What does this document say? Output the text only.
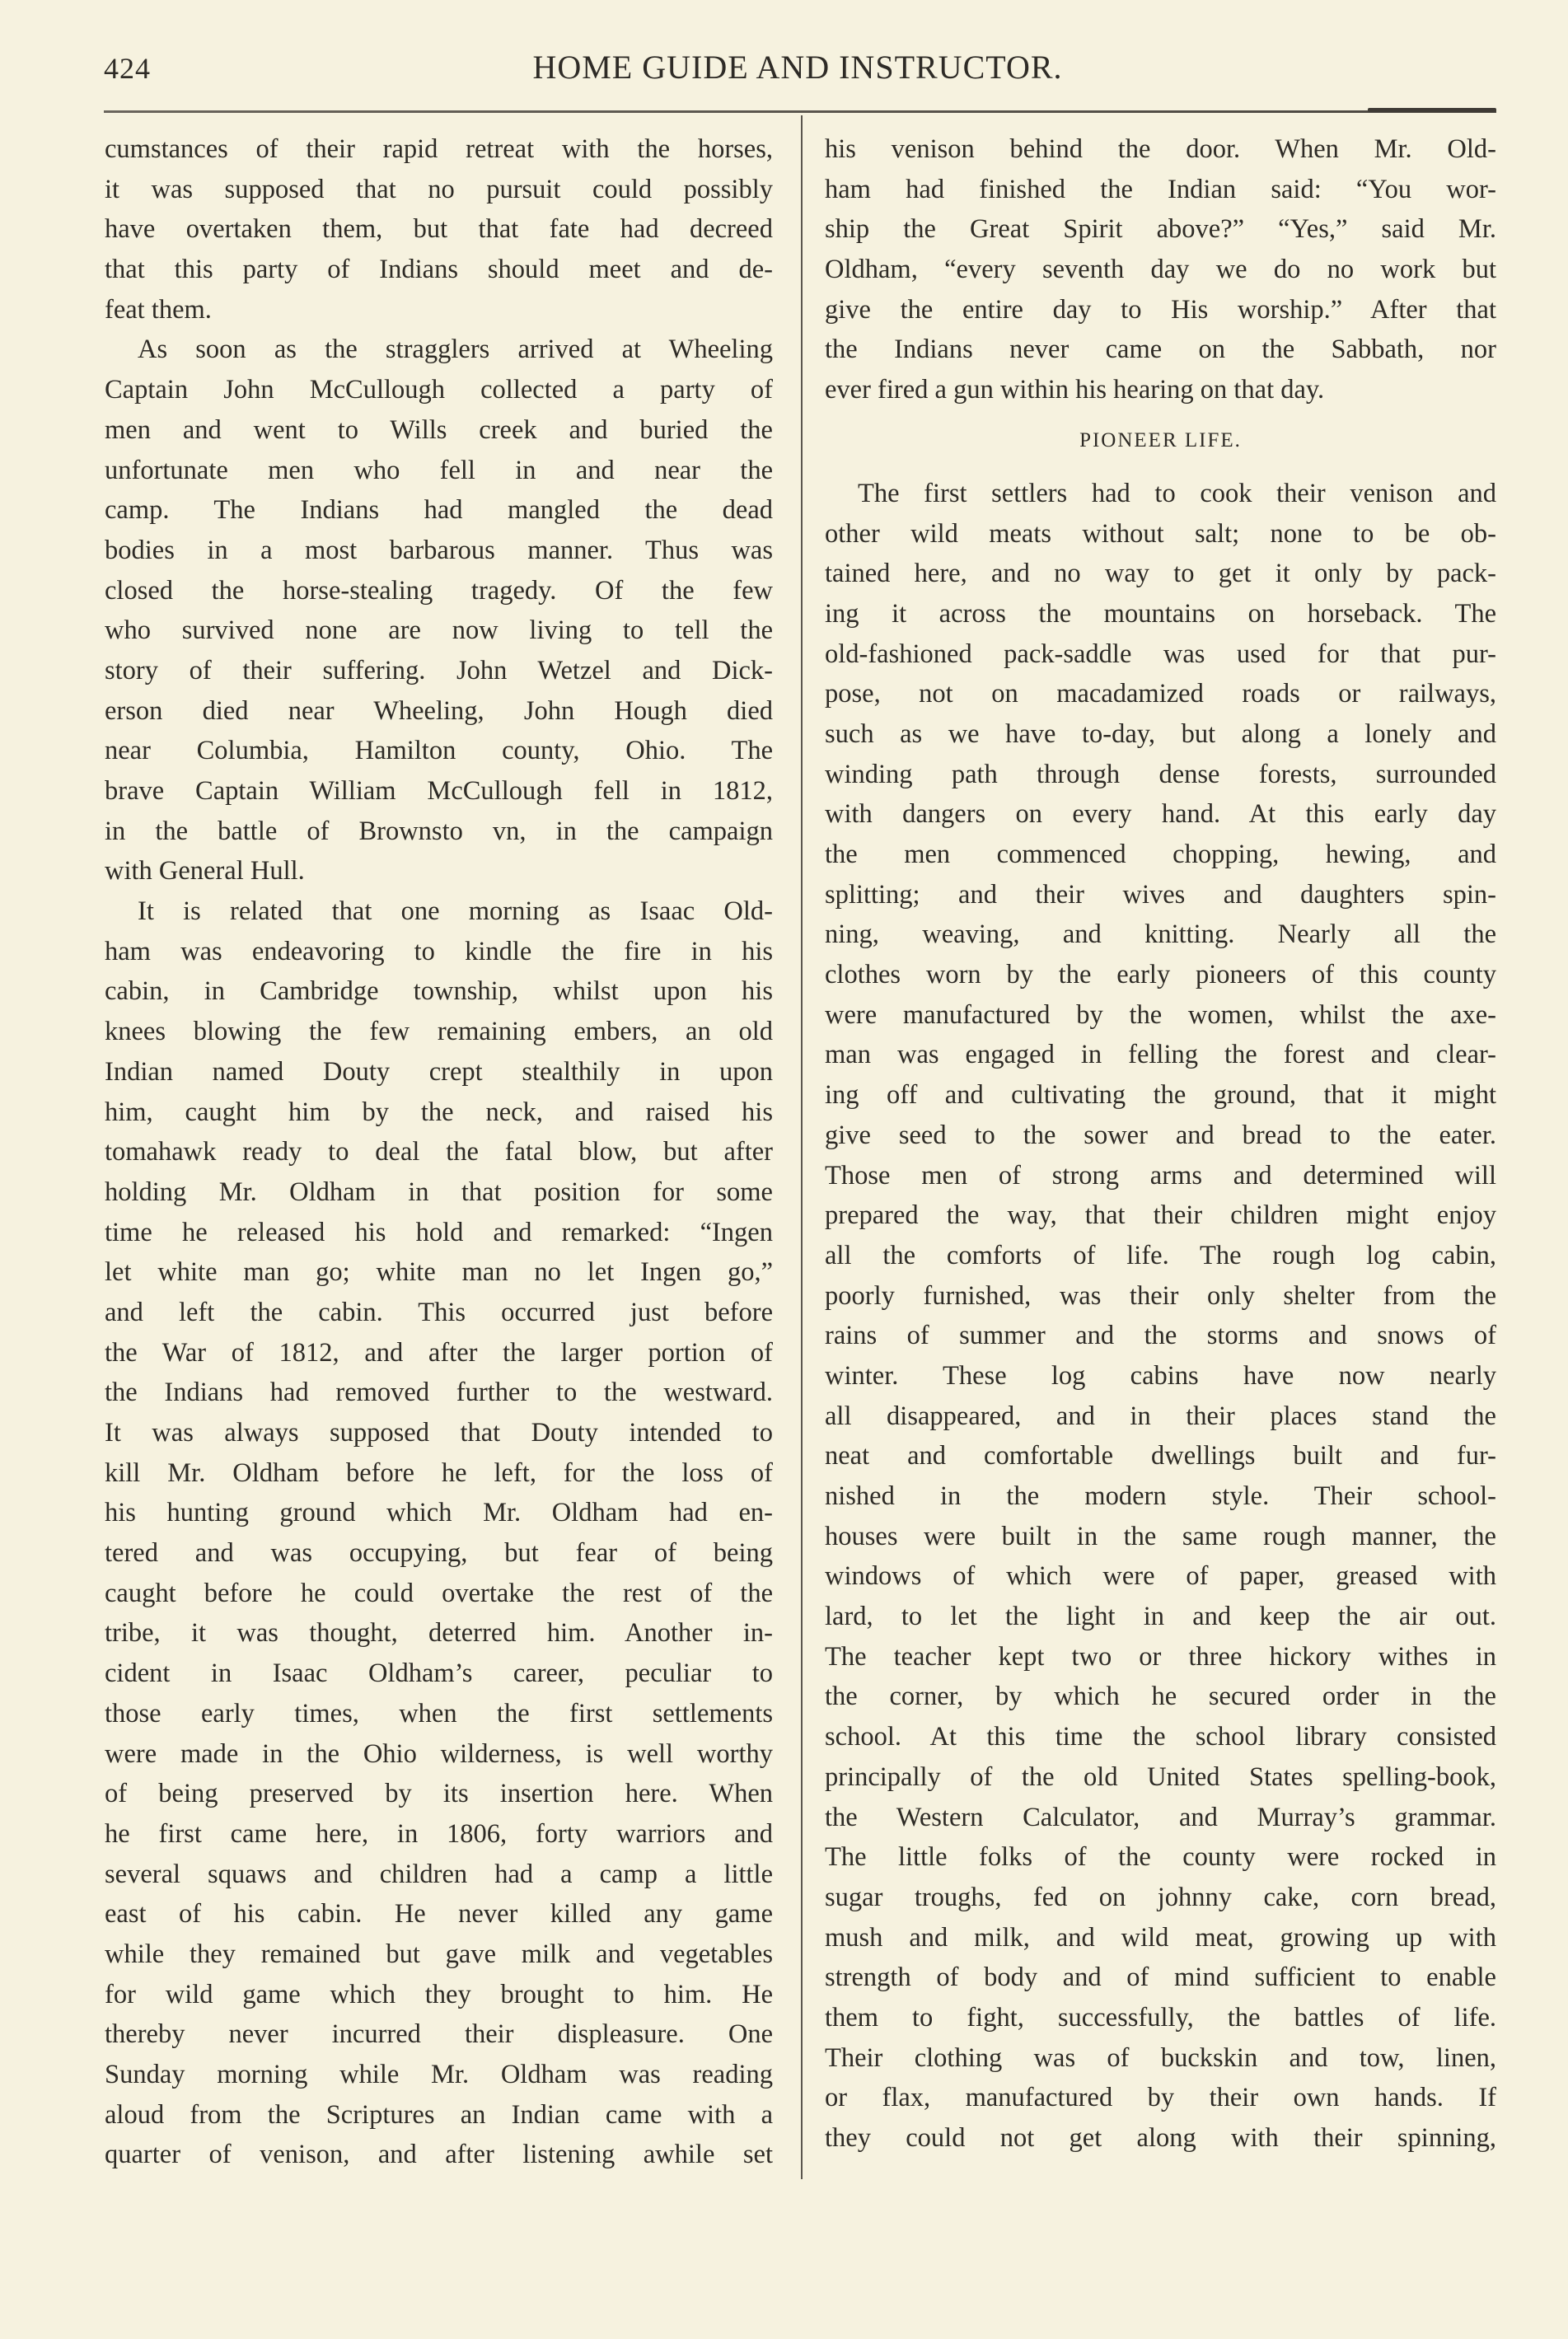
424	HOME GUIDE AND INSTRUCTOR.
cumstances of their rapid retreat with the horses,
it was supposed that no pursuit could possibly
have overtaken them, but that fate had decreed
that this party of Indians should meet and de-
feat them.
As soon as the stragglers arrived at Wheeling
Captain John McCullough collected a party of
men and went to Wills creek and buried the
unfortunate men who fell in and near the
camp. The Indians had mangled the dead
bodies in a most barbarous manner. Thus was
closed the horse-stealing tragedy. Of the few
who survived none are now living to tell the
story of their suffering. John Wetzel and Dick-
erson died near Wheeling, John Hough died
near Columbia, Hamilton county, Ohio. The
brave Captain William McCullough fell in 1812,
in the battle of Brownsto vn, in the campaign
with General Hull.
It is related that one morning as Isaac Old-
ham was endeavoring to kindle the fire in his
cabin, in Cambridge township, whilst upon his
knees blowing the few remaining embers, an old
Indian named Douty crept stealthily in upon
him, caught him by the neck, and raised his
tomahawk ready to deal the fatal blow, but after
holding Mr. Oldham in that position for some
time he released his hold and remarked: “Ingen
let white man go; white man no let Ingen go,”
and left the cabin. This occurred just before
the War of 1812, and after the larger portion of
the Indians had removed further to the westward.
It was always supposed that Douty intended to
kill Mr. Oldham before he left, for the loss of
his hunting ground which Mr. Oldham had en-
tered and was occupying, but fear of being
caught before he could overtake the rest of the
tribe, it was thought, deterred him. Another in-
cident in Isaac Oldham’s career, peculiar to
those early times, when the first settlements
were made in the Ohio wilderness, is well worthy
of being preserved by its insertion here. When
he first came here, in 1806, forty warriors and
several squaws and children had a camp a little
east of his cabin. He never killed any game
while they remained but gave milk and vegetables
for wild game which they brought to him. He
thereby never incurred their displeasure. One
Sunday morning while Mr. Oldham was reading
aloud from the Scriptures an Indian came with a
quarter of venison, and after listening awhile set
his venison behind the door. When Mr. Old-
ham had finished the Indian said: “You wor-
ship the Great Spirit above?” “Yes,” said Mr.
Oldham, “every seventh day we do no work but
give the entire day to His worship.” After that
the Indians never came on the Sabbath, nor
ever fired a gun within his hearing on that day.
PIONEER LIFE.
The first settlers had to cook their venison and
other wild meats without salt; none to be ob-
tained here, and no way to get it only by pack-
ing it across the mountains on horseback. The
old-fashioned pack-saddle was used for that pur-
pose, not on macadamized roads or railways,
such as we have to-day, but along a lonely and
winding path through dense forests, surrounded
with dangers on every hand. At this early day
the men commenced chopping, hewing, and
splitting; and their wives and daughters spin-
ning, weaving, and knitting. Nearly all the
clothes worn by the early pioneers of this county
were manufactured by the women, whilst the axe-
man was engaged in felling the forest and clear-
ing off and cultivating the ground, that it might
give seed to the sower and bread to the eater.
Those men of strong arms and determined will
prepared the way, that their children might enjoy
all the comforts of life. The rough log cabin,
poorly furnished, was their only shelter from the
rains of summer and the storms and snows of
winter. These log cabins have now nearly
all disappeared, and in their places stand the
neat and comfortable dwellings built and fur-
nished in the modern style. Their school-
houses were built in the same rough manner, the
windows of which were of paper, greased with
lard, to let the light in and keep the air out.
The teacher kept two or three hickory withes in
the corner, by which he secured order in the
school. At this time the school library consisted
principally of the old United States spelling-book,
the Western Calculator, and Murray’s grammar.
The little folks of the county were rocked in
sugar troughs, fed on johnny cake, corn bread,
mush and milk, and wild meat, growing up with
strength of body and of mind sufficient to enable
them to fight, successfully, the battles of life.
Their clothing was of buckskin and tow, linen,
or flax, manufactured by their own hands. If
they could not get along with their spinning,
